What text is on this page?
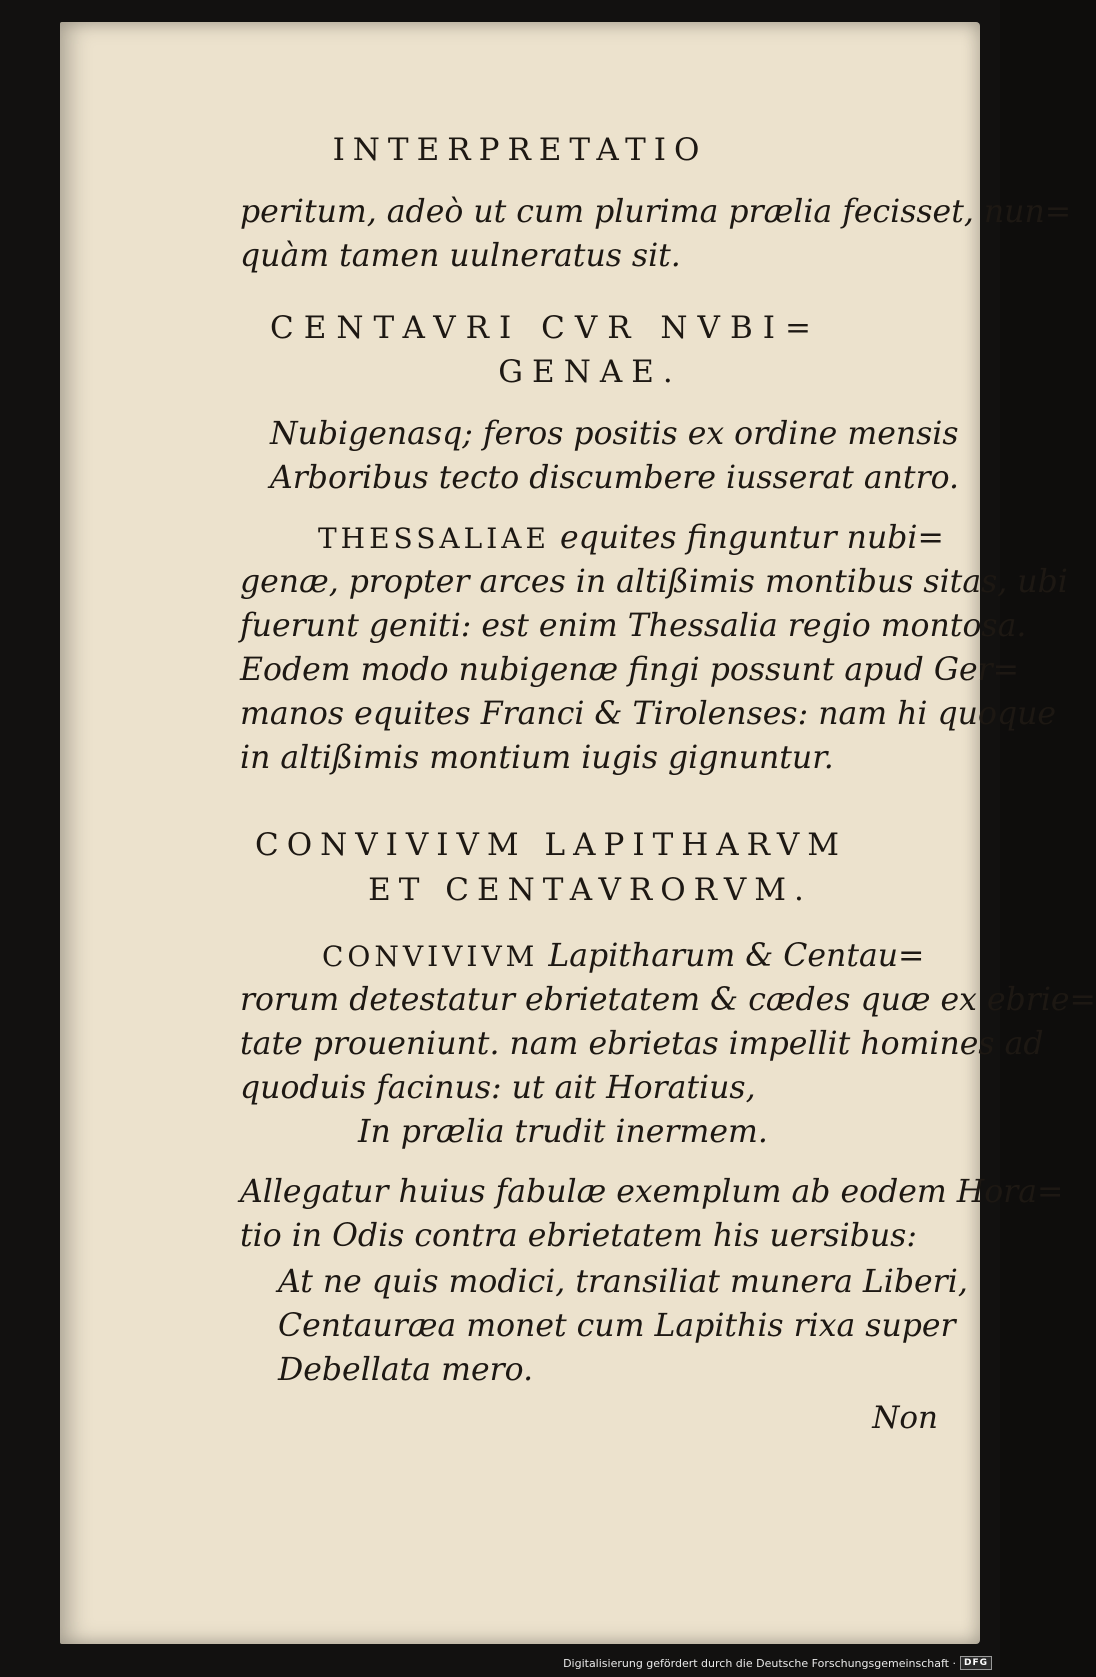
INTERPRETATIO
peritum, adeò ut cum plurima prælia fecisset, nun=
quàm tamen uulneratus sit.
CENTAVRI CVR NVBI=
GENAE.
Nubigenasq; feros positis ex ordine mensis
Arboribus tecto discumbere iusserat antro.
THESSALIAE equites finguntur nubi=
genæ, propter arces in altißimis montibus sitas, ubi
fuerunt geniti: est enim Thessalia regio montosa.
Eodem modo nubigenæ fingi possunt apud Ger=
manos equites Franci & Tirolenses: nam hi quoque
in altißimis montium iugis gignuntur.
CONVIVIVM LAPITHARVM
ET CENTAVRORVM.
CONVIVIVM Lapitharum & Centau=
rorum detestatur ebrietatem & cædes quæ ex ebrie=
tate proueniunt. nam ebrietas impellit homines ad
quoduis facinus: ut ait Horatius,
In prælia trudit inermem.
Allegatur huius fabulæ exemplum ab eodem Hora=
tio in Odis contra ebrietatem his uersibus:
At ne quis modici, transiliat munera Liberi,
Centauræa monet cum Lapithis rixa super
Debellata mero.
Non
Digitalisierung gefördert durch die Deutsche Forschungsgemeinschaft · DFG
